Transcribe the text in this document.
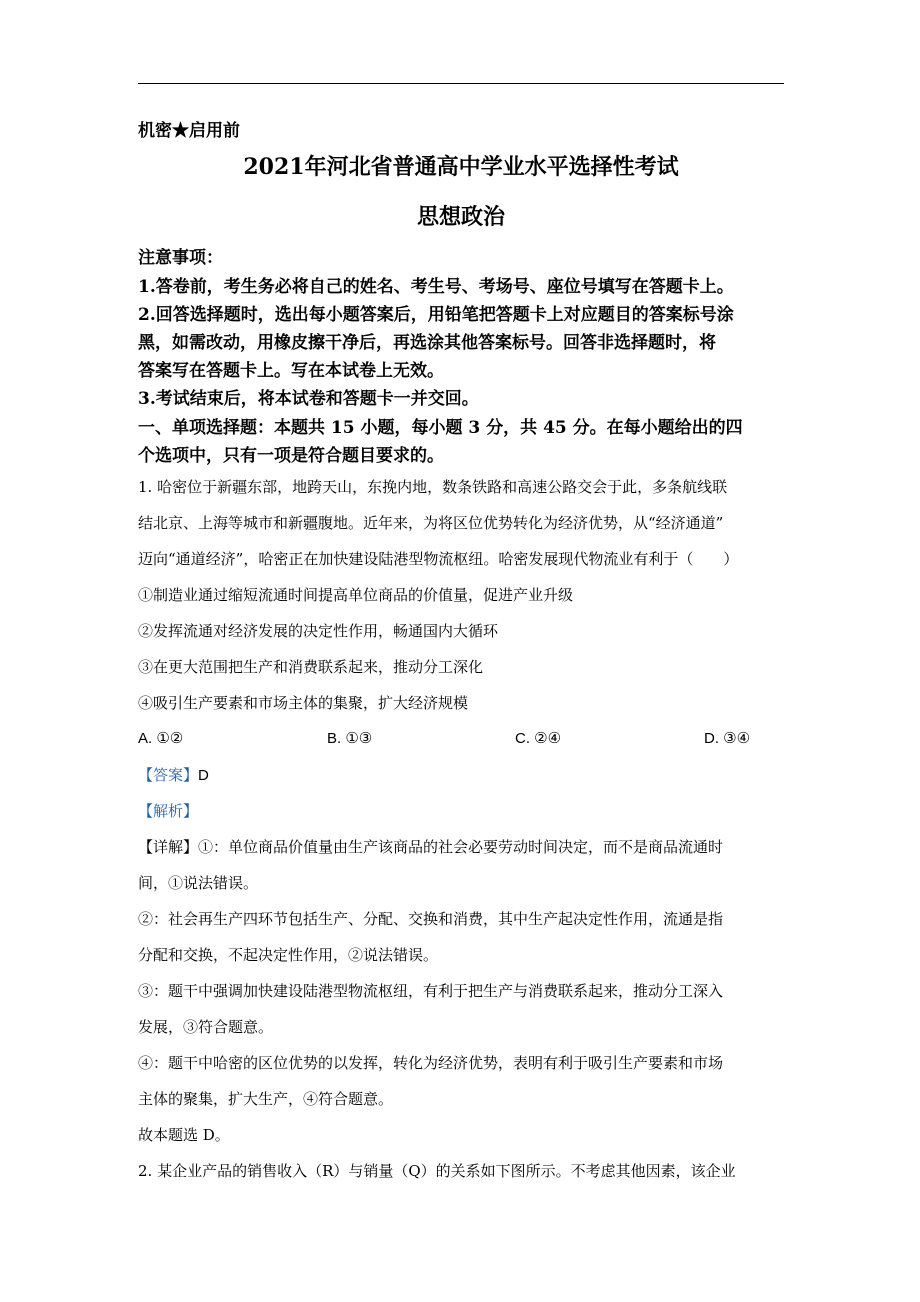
机密★启用前
2021年河北省普通高中学业水平选择性考试
思想政治
注意事项：
1.答卷前，考生务必将自己的姓名、考生号、考场号、座位号填写在答题卡上。
2.回答选择题时，选出每小题答案后，用铅笔把答题卡上对应题目的答案标号涂
黑，如需改动，用橡皮擦干净后，再选涂其他答案标号。回答非选择题时，将
答案写在答题卡上。写在本试卷上无效。
3.考试结束后，将本试卷和答题卡一并交回。
一、单项选择题：本题共 15 小题，每小题 3 分，共 45 分。在每小题给出的四
个选项中，只有一项是符合题目要求的。
1. 哈密位于新疆东部，地跨天山，东挽内地，数条铁路和高速公路交会于此，多条航线联
结北京、上海等城市和新疆腹地。近年来，为将区位优势转化为经济优势，从“经济通道”
迈向“通道经济”，哈密正在加快建设陆港型物流枢纽。哈密发展现代物流业有利于（　　）
①制造业通过缩短流通时间提高单位商品的价值量，促进产业升级
②发挥流通对经济发展的决定性作用，畅通国内大循环
③在更大范围把生产和消费联系起来，推动分工深化
④吸引生产要素和市场主体的集聚，扩大经济规模
A. ①②	B. ①③	C. ②④	D. ③④
【答案】D
【解析】
【详解】①：单位商品价值量由生产该商品的社会必要劳动时间决定，而不是商品流通时
间，①说法错误。
②：社会再生产四环节包括生产、分配、交换和消费，其中生产起决定性作用，流通是指
分配和交换，不起决定性作用，②说法错误。
③：题干中强调加快建设陆港型物流枢纽，有利于把生产与消费联系起来，推动分工深入
发展，③符合题意。
④：题干中哈密的区位优势的以发挥，转化为经济优势，表明有利于吸引生产要素和市场
主体的聚集，扩大生产，④符合题意。
故本题选 D。
2. 某企业产品的销售收入（R）与销量（Q）的关系如下图所示。不考虑其他因素，该企业
